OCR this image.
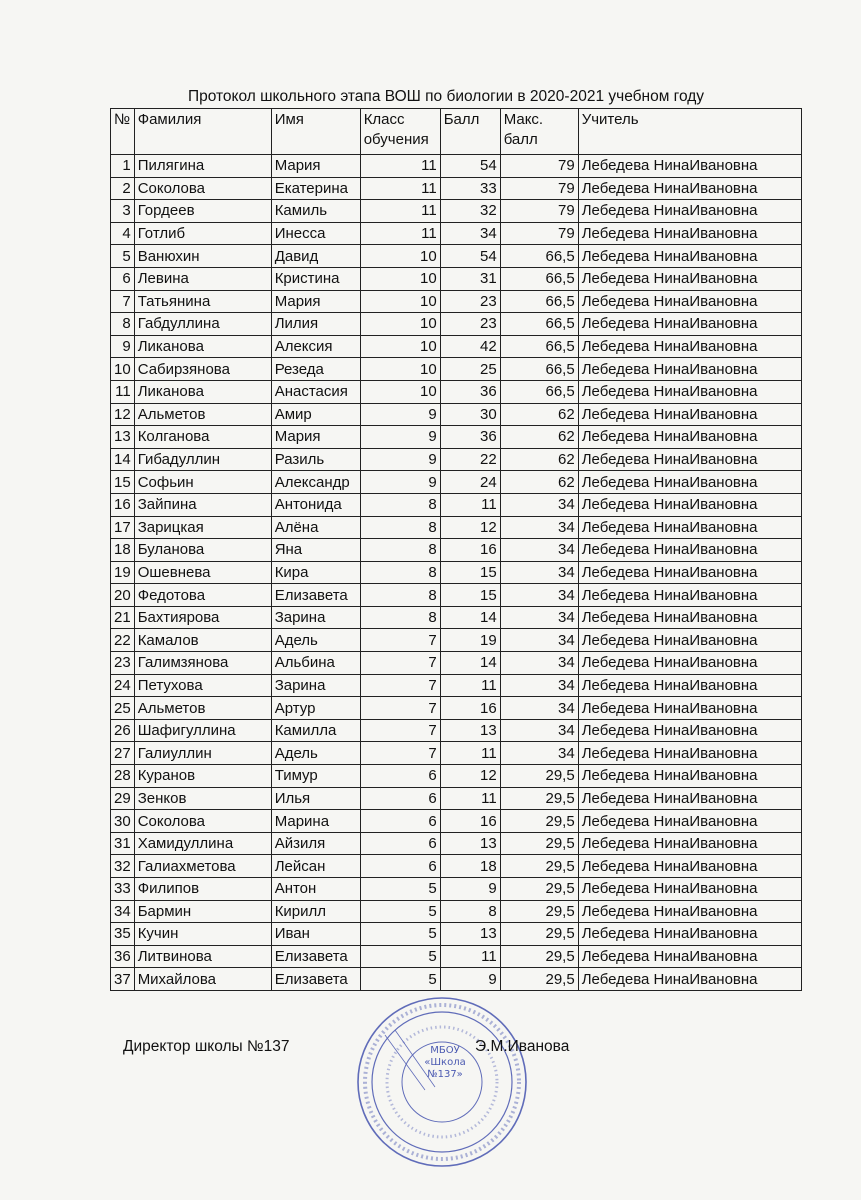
Протокол школьного этапа ВОШ по биологии в 2020-2021 учебном году
№	Фамилия	Имя	Класс обучения	Балл	Макс. балл	Учитель
1	Пилягина	Мария	11	54	79	Лебедева НинаИвановна
2	Соколова	Екатерина	11	33	79	Лебедева НинаИвановна
3	Гордеев	Камиль	11	32	79	Лебедева НинаИвановна
4	Готлиб	Инесса	11	34	79	Лебедева НинаИвановна
5	Ванюхин	Давид	10	54	66,5	Лебедева НинаИвановна
6	Левина	Кристина	10	31	66,5	Лебедева НинаИвановна
7	Татьянина	Мария	10	23	66,5	Лебедева НинаИвановна
8	Габдуллина	Лилия	10	23	66,5	Лебедева НинаИвановна
9	Ликанова	Алексия	10	42	66,5	Лебедева НинаИвановна
10	Сабирзянова	Резеда	10	25	66,5	Лебедева НинаИвановна
11	Ликанова	Анастасия	10	36	66,5	Лебедева НинаИвановна
12	Альметов	Амир	9	30	62	Лебедева НинаИвановна
13	Колганова	Мария	9	36	62	Лебедева НинаИвановна
14	Гибадуллин	Разиль	9	22	62	Лебедева НинаИвановна
15	Софьин	Александр	9	24	62	Лебедева НинаИвановна
16	Зайпина	Антонида	8	11	34	Лебедева НинаИвановна
17	Зарицкая	Алёна	8	12	34	Лебедева НинаИвановна
18	Буланова	Яна	8	16	34	Лебедева НинаИвановна
19	Ошевнева	Кира	8	15	34	Лебедева НинаИвановна
20	Федотова	Елизавета	8	15	34	Лебедева НинаИвановна
21	Бахтиярова	Зарина	8	14	34	Лебедева НинаИвановна
22	Камалов	Адель	7	19	34	Лебедева НинаИвановна
23	Галимзянова	Альбина	7	14	34	Лебедева НинаИвановна
24	Петухова	Зарина	7	11	34	Лебедева НинаИвановна
25	Альметов	Артур	7	16	34	Лебедева НинаИвановна
26	Шафигуллина	Камилла	7	13	34	Лебедева НинаИвановна
27	Галиуллин	Адель	7	11	34	Лебедева НинаИвановна
28	Куранов	Тимур	6	12	29,5	Лебедева НинаИвановна
29	Зенков	Илья	6	11	29,5	Лебедева НинаИвановна
30	Соколова	Марина	6	16	29,5	Лебедева НинаИвановна
31	Хамидуллина	Айзиля	6	13	29,5	Лебедева НинаИвановна
32	Галиахметова	Лейсан	6	18	29,5	Лебедева НинаИвановна
33	Филипов	Антон	5	9	29,5	Лебедева НинаИвановна
34	Бармин	Кирилл	5	8	29,5	Лебедева НинаИвановна
35	Кучин	Иван	5	13	29,5	Лебедева НинаИвановна
36	Литвинова	Елизавета	5	11	29,5	Лебедева НинаИвановна
37	Михайлова	Елизавета	5	9	29,5	Лебедева НинаИвановна
Директор школы №137	МБОУ
«Школа №137»
Э.М.Иванова
